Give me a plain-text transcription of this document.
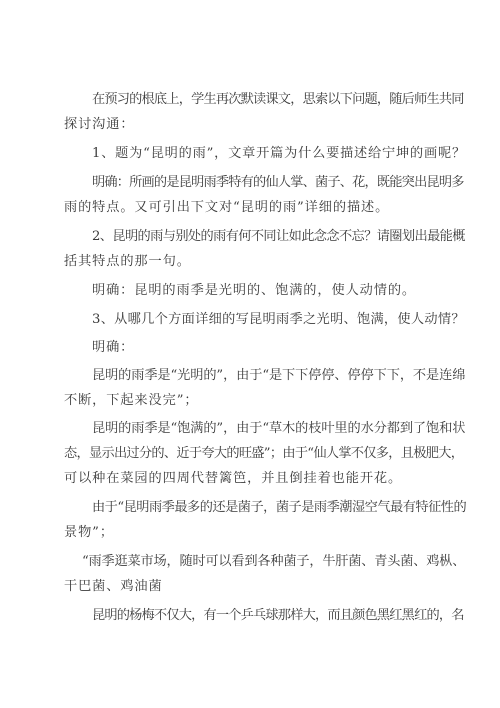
在预习的根底上，学生再次默读课文，思索以下问题，随后师生共同
探讨沟通：
1、题为“昆明的雨”，文章开篇为什么要描述给宁坤的画呢？
明确：所画的是昆明雨季特有的仙人掌、菌子、花，既能突出昆明多
雨的特点。又可引出下文对“昆明的雨”详细的描述。
2、昆明的雨与别处的雨有何不同让如此念念不忘？请圈划出最能概
括其特点的那一句。
明确：昆明的雨季是光明的、饱满的，使人动情的。
3、从哪几个方面详细的写昆明雨季之光明、饱满，使人动情？
明确：
昆明的雨季是“光明的”，由于“是下下停停、停停下下，不是连绵
不断，下起来没完”；
昆明的雨季是“饱满的”，由于“草木的枝叶里的水分都到了饱和状
态，显示出过分的、近于夸大的旺盛”；由于“仙人掌不仅多，且极肥大，
可以种在菜园的四周代替篱笆，并且倒挂着也能开花。
由于“昆明雨季最多的还是菌子，菌子是雨季潮湿空气最有特征性的
景物”；
“雨季逛菜市场，随时可以看到各种菌子，牛肝菌、青头菌、鸡枞、
干巴菌、鸡油菌
昆明的杨梅不仅大，有一个乒乓球那样大，而且颜色黑红黑红的，名
